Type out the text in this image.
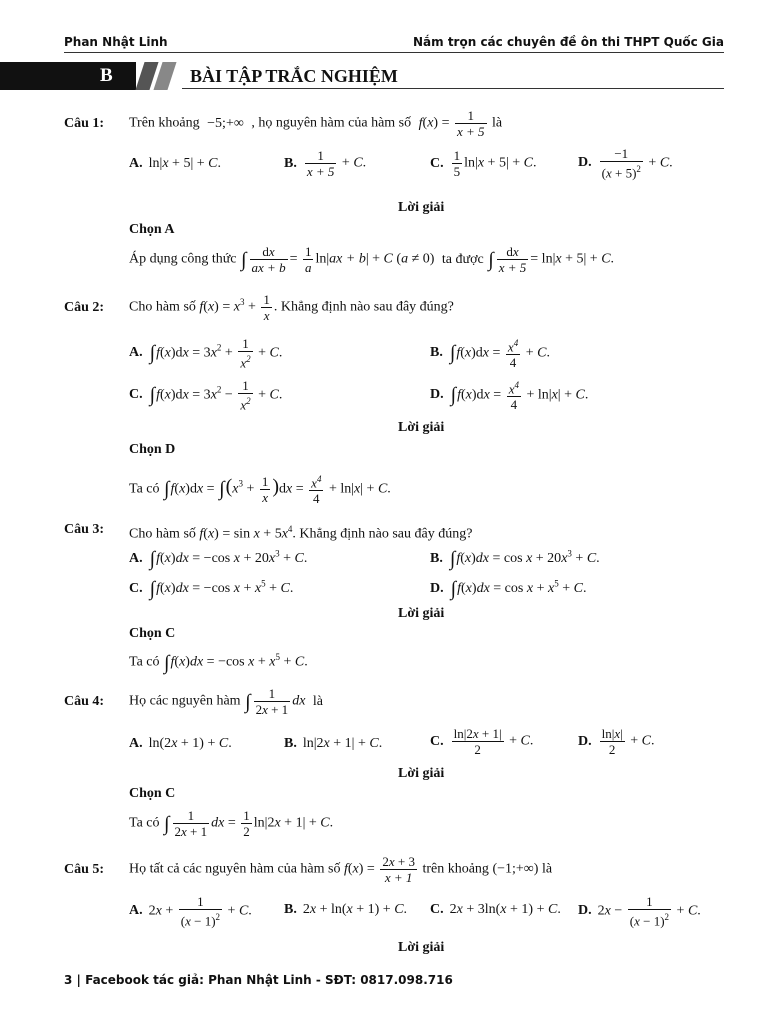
Phan Nhật Linh	Nắm trọn các chuyên đề ôn thi THPT Quốc Gia
B	BÀI TẬP TRẮC NGHIỆM
Câu 1: Trên khoảng −5;+∞ , họ nguyên hàm của hàm số $f(x) = \frac{1}{x + 5}$ là
A. ln|x + 5| + C.	B. $\frac{1}{x + 5} + C$.	C. $\frac{1}{5} \ln|x + 5| + C$.	D. $\frac{-1}{(x + 5)^2} + C$.
Lời giải
Chọn A
Áp dụng công thức ∫ $\frac{dx}{ax + b} = \frac{1}{a} \ln|ax + b| + C$ (a ≠ 0) ta được ∫ $\frac{dx}{x + 5} = \ln|x + 5| + C$.
Câu 2: Cho hàm số $f(x) = x^3 + \frac{1}{x}$ . Khẳng định nào sau đây đúng?
A. $\int f(x)dx = 3x^2 + \frac{1}{x^2} + C$.	B. $\int f(x)dx = \frac{x^4}{4} + C$.
C. $\int f(x)dx = 3x^2 - \frac{1}{x^2} + C$.	D. $\int f(x)dx = \frac{x^4}{4} + \ln|x| + C$.
Lời giải
Chọn D
Ta có $\int f(x)dx = \int(x^3 + \frac{1}{x} )dx = \frac{x^4}{4} + \ln|x| + C$.
Câu 3: Cho hàm số $f(x) = \sin x + 5x^4$. Khẳng định nào sau đây đúng?
A. ∫f(x)dx = −cos $x + 20x^3 + C$.	B. $\int f(x)dx = \cos x + 20x^3 + C$.
C. ∫f(x)dx = −cos $x + x^5 + C$.	D. $\int f(x)dx = \cos x + x^5 + C$.
Lời giải
Chọn C
Ta có ∫f(x)dx = −cos $x + x^5 + C$.
Câu 4: Họ các nguyên hàm ∫ $\frac{1}{2x + 1}$ dx là
A. ln(2x + 1) + C.	B. ln|2x + 1| + C.	C. $\frac{\ln|2x + 1|}{2} + C$.	D. $\frac{\ln|x|}{2} + C$.
Lời giải
Chọn C
Ta có ∫ $\frac{1}{2x + 1}$ dx = $\frac{1}{2} \ln|2x + 1| + C$.
Câu 5: Họ tất cả các nguyên hàm của hàm số $f(x) = \frac{2x + 3}{x + 1}$ trên khoảng (−1;+∞) là
A. $2x + \frac{1}{(x - 1)^2} + C$. B. 2x + ln(x + 1) + C. C. 2x + 3ln(x + 1) + C. D. $2x - \frac{1}{(x - 1)^2} + C$.
Lời giải
3 | Facebook tác giả: Phan Nhật Linh - SĐT: 0817.098.716
